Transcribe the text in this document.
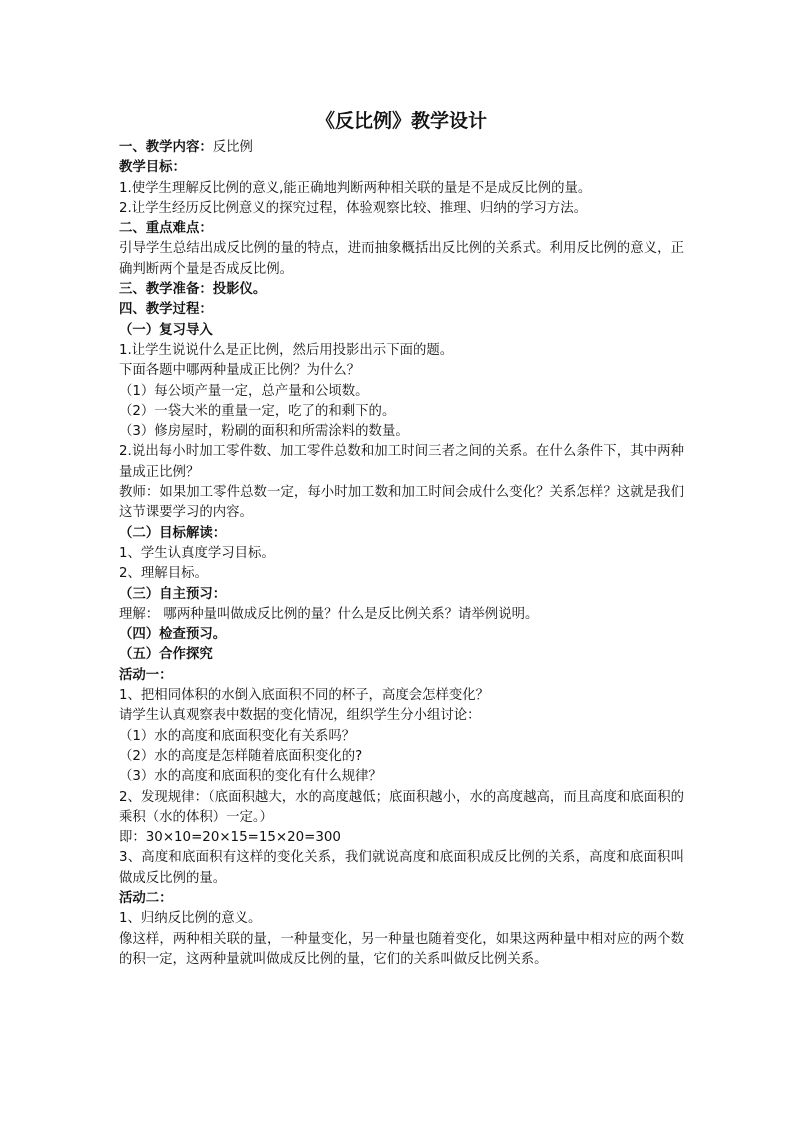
《反比例》教学设计
一、教学内容：反比例
教学目标：
1.使学生理解反比例的意义,能正确地判断两种相关联的量是不是成反比例的量。
2.让学生经历反比例意义的探究过程，体验观察比较、推理、归纳的学习方法。
二、重点难点：
引导学生总结出成反比例的量的特点，进而抽象概括出反比例的关系式。利用反比例的意义，正确判断两个量是否成反比例。
三、教学准备：投影仪。
四、教学过程：
（一）复习导入
1.让学生说说什么是正比例，然后用投影出示下面的题。
下面各题中哪两种量成正比例？为什么？
（1）每公顷产量一定，总产量和公顷数。
（2）一袋大米的重量一定，吃了的和剩下的。
（3）修房屋时，粉刷的面积和所需涂料的数量。
2.说出每小时加工零件数、加工零件总数和加工时间三者之间的关系。在什么条件下，其中两种量成正比例？
教师：如果加工零件总数一定，每小时加工数和加工时间会成什么变化？关系怎样？这就是我们这节课要学习的内容。
（二）目标解读：
1、学生认真度学习目标。
2、理解目标。
（三）自主预习：
理解： 哪两种量叫做成反比例的量？什么是反比例关系？请举例说明。
（四）检查预习。
（五）合作探究
活动一：
1、把相同体积的水倒入底面积不同的杯子，高度会怎样变化？
请学生认真观察表中数据的变化情况，组织学生分小组讨论：
（1）水的高度和底面积变化有关系吗？
（2）水的高度是怎样随着底面积变化的?
（3）水的高度和底面积的变化有什么规律？
2、发现规律：（底面积越大，水的高度越低；底面积越小，水的高度越高，而且高度和底面积的乘积（水的体积）一定。）
即：30×10=20×15=15×20=300
3、高度和底面积有这样的变化关系，我们就说高度和底面积成反比例的关系，高度和底面积叫做成反比例的量。
活动二：
1、归纳反比例的意义。
像这样，两种相关联的量，一种量变化，另一种量也随着变化，如果这两种量中相对应的两个数的积一定，这两种量就叫做成反比例的量，它们的关系叫做反比例关系。
